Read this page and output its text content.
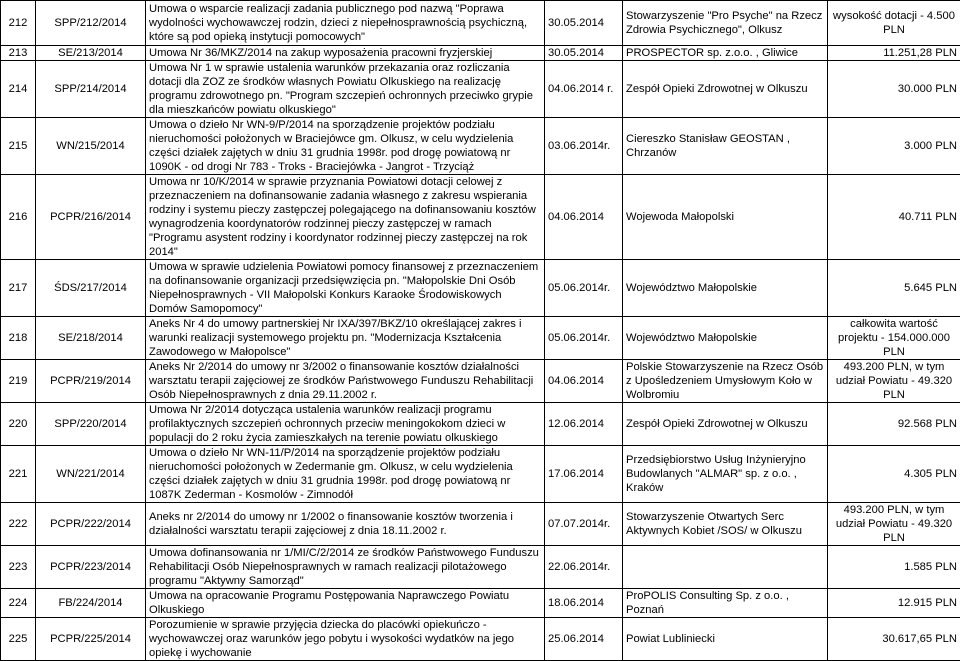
212	SPP/212/2014	Umowa o wsparcie realizacji zadania publicznego pod nazwą "Poprawa wydolności wychowawczej rodzin, dzieci z niepełnosprawnością psychiczną, które są pod opieką instytucji pomocowych"	30.05.2014	Stowarzyszenie "Pro Psyche" na Rzecz Zdrowia Psychicznego", Olkusz	wysokość dotacji - 4.500 PLN
213	SE/213/2014	Umowa Nr 36/MKZ/2014 na zakup wyposażenia pracowni fryzjerskiej	30.05.2014	PROSPECTOR sp. z.o.o. , Gliwice	11.251,28 PLN
214	SPP/214/2014	Umowa Nr 1 w sprawie ustalenia warunków przekazania oraz rozliczania dotacji dla ZOZ ze środków własnych Powiatu Olkuskiego na realizację programu zdrowotnego pn. "Program szczepień ochronnych przeciwko grypie dla mieszkańców powiatu olkuskiego"	04.06.2014 r.	Zespół Opieki Zdrowotnej w Olkuszu	30.000 PLN
215	WN/215/2014	Umowa o dzieło Nr WN-9/P/2014 na sporządzenie projektów podziału nieruchomości położonych w Braciejówce gm. Olkusz, w celu wydzielenia części działek zajętych w dniu 31 grudnia 1998r. pod drogę powiatową nr 1090K - od drogi Nr 783 - Troks - Braciejówka - Jangrot - Trzyciąż	03.06.2014r.	Ciereszko Stanisław GEOSTAN , Chrzanów	3.000 PLN
216	PCPR/216/2014	Umowa nr 10/K/2014 w sprawie przyznania Powiatowi dotacji celowej z przeznaczeniem na dofinansowanie zadania własnego z zakresu wspierania rodziny i systemu pieczy zastępczej polegającego na dofinansowaniu kosztów wynagrodzenia koordynatorów rodzinnej pieczy zastępczej w ramach "Programu asystent rodziny i koordynator rodzinnej pieczy zastępczej na rok 2014"	04.06.2014	Wojewoda Małopolski	40.711 PLN
217	ŚDS/217/2014	Umowa w sprawie udzielenia Powiatowi pomocy finansowej z przeznaczeniem na dofinansowanie organizacji przedsięwzięcia pn. "Małopolskie Dni Osób Niepełnosprawnych - VII Małopolski Konkurs Karaoke Środowiskowych Domów Samopomocy"	05.06.2014r.	Województwo Małopolskie	5.645 PLN
218	SE/218/2014	Aneks Nr 4 do umowy partnerskiej Nr IXA/397/BKZ/10 określającej zakres i warunki realizacji systemowego projektu pn. "Modernizacja Kształcenia Zawodowego w Małopolsce"	05.06.2014r.	Województwo Małopolskie	całkowita wartość projektu - 154.000.000 PLN
219	PCPR/219/2014	Aneks Nr 2/2014 do umowy nr 3/2002 o finansowanie kosztów działalności warsztatu terapii zajęciowej ze środków Państwowego Funduszu Rehabilitacji Osób Niepełnosprawnych z dnia 29.11.2002 r.	04.06.2014	Polskie Stowarzyszenie na Rzecz Osób z Upośledzeniem Umysłowym Koło w Wolbromiu	493.200 PLN, w tym udział Powiatu - 49.320 PLN
220	SPP/220/2014	Umowa Nr 2/2014 dotycząca ustalenia warunków realizacji programu profilaktycznych szczepień ochronnych przeciw meningokokom dzieci w populacji do 2 roku życia zamieszkałych na terenie powiatu olkuskiego	12.06.2014	Zespół Opieki Zdrowotnej w Olkuszu	92.568 PLN
221	WN/221/2014	Umowa o dzieło Nr WN-11/P/2014 na sporządzenie projektów podziału nieruchomości położonych w Zedermanie gm. Olkusz, w celu wydzielenia części działek zajętych w dniu 31 grudnia 1998r. pod drogę powiatową nr 1087K Zederman - Kosmolów - Zimnodół	17.06.2014	Przedsiębiorstwo Usług Inżynieryjno Budowlanych "ALMAR" sp. z o.o. , Kraków	4.305 PLN
222	PCPR/222/2014	Aneks nr 2/2014 do umowy nr 1/2002 o finansowanie kosztów tworzenia i działalności warsztatu terapii zajęciowej z dnia 18.11.2002 r.	07.07.2014r.	Stowarzyszenie Otwartych Serc Aktywnych Kobiet /SOS/ w Olkuszu	493.200 PLN, w tym udział Powiatu - 49.320 PLN
223	PCPR/223/2014	Umowa dofinansowania nr 1/MI/C/2/2014 ze środków Państwowego Funduszu Rehabilitacji Osób Niepełnosprawnych w ramach realizacji pilotażowego programu "Aktywny Samorząd"	22.06.2014r.		1.585 PLN
224	FB/224/2014	Umowa na opracowanie Programu Postępowania Naprawczego Powiatu Olkuskiego	18.06.2014	ProPOLIS Consulting Sp. z o.o. , Poznań	12.915 PLN
225	PCPR/225/2014	Porozumienie w sprawie przyjęcia dziecka do placówki opiekuńczo - wychowawczej oraz warunków jego pobytu i wysokości wydatków na jego opiekę i wychowanie	25.06.2014	Powiat Lubliniecki	30.617,65 PLN
